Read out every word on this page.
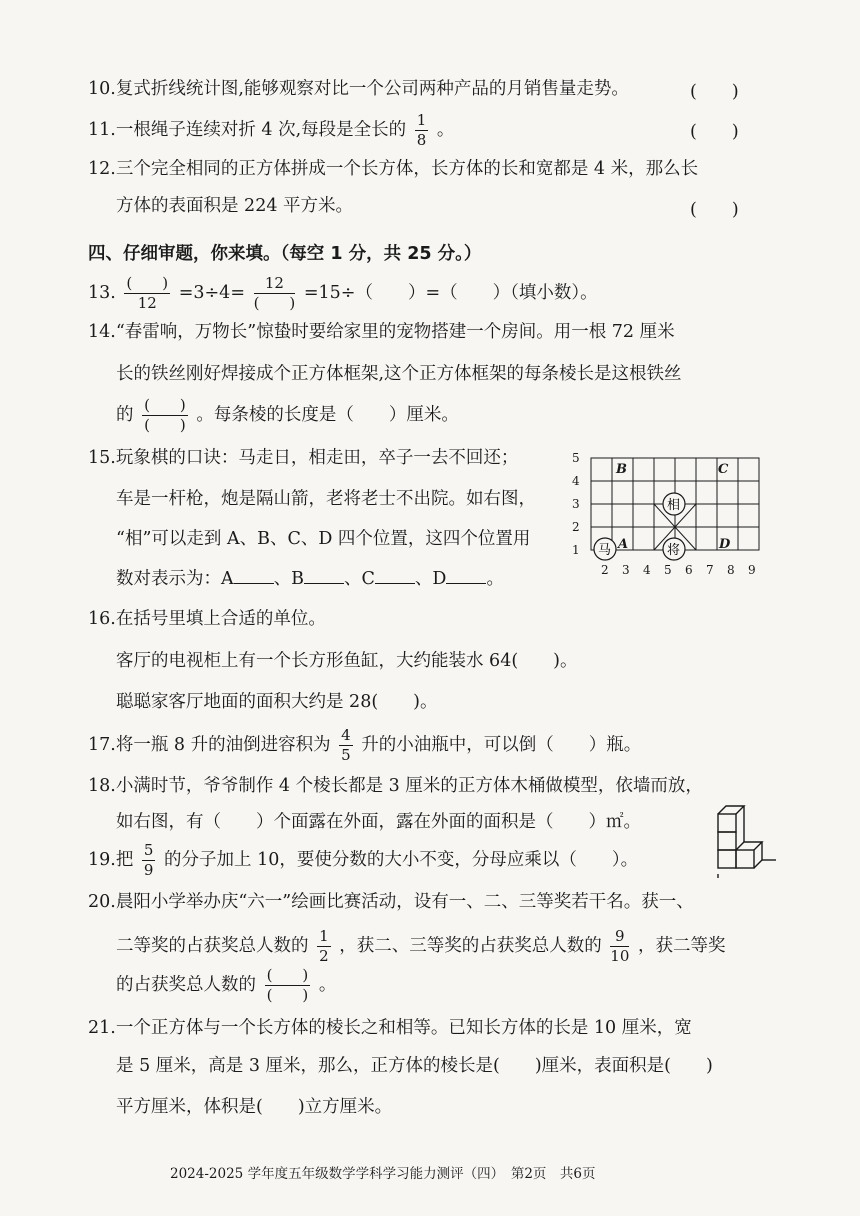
10.复式折线统计图,能够观察对比一个公司两种产品的月销售量走势。	(　　)
11.一根绳子连续对折 4 次,每段是全长的 $\frac{1}{8}$ 。	(　　)
12.三个完全相同的正方体拼成一个长方体，长方体的长和宽都是 4 米，那么长
方体的表面积是 224 平方米。	(　　)
四、仔细审题，你来填。（每空 1 分，共 25 分。）
13. $\frac{( )}{12} =3\div 4= \frac{12}{( )} =15\div$（　　）=（　　）（填小数）。
14.“春雷响，万物长”惊蛰时要给家里的宠物搭建一个房间。用一根 72 厘米
长的铁丝刚好焊接成个正方体框架,这个正方体框架的每条棱长是这根铁丝
的 $\frac{( )}{( )}$ 。每条棱的长度是（　　）厘米。
15.玩象棋的口诀：马走日，相走田，卒子一去不回还；
车是一杆枪，炮是隔山箭，老将老士不出院。如右图，
“相”可以走到 A、B、C、D 四个位置，这四个位置用
数对表示为：A 、B 、C 、D 。
5
4
3
2
1
2 3 4 5 6 7 8 9
B	C
A	D
相
将
马
16.在括号里填上合适的单位。
客厅的电视柜上有一个长方形鱼缸，大约能装水 64(　　)。
聪聪家客厅地面的面积大约是 28(　　)。
17.将一瓶 8 升的油倒进容积为 $\frac{4}{5}$ 升的小油瓶中，可以倒（　　）瓶。
18.小满时节，爷爷制作 4 个棱长都是 3 厘米的正方体木桶做模型，依墙而放，
如右图，有（　　）个面露在外面，露在外面的面积是（　　）㎡。
19.把 $\frac{5}{9}$ 的分子加上 10，要使分数的大小不变，分母应乘以（　　）。
20.晨阳小学举办庆“六一”绘画比赛活动，设有一、二、三等奖若干名。获一、
二等奖的占获奖总人数的 $\frac{1}{2}$ ，获二、三等奖的占获奖总人数的 $\frac{9}{10}$ ，获二等奖
的占获奖总人数的 $\frac{( )}{( )}$ 。
21.一个正方体与一个长方体的棱长之和相等。已知长方体的长是 10 厘米，宽
是 5 厘米，高是 3 厘米，那么，正方体的棱长是(　　)厘米，表面积是(　　)
平方厘米，体积是(　　)立方厘米。
2024-2025 学年度五年级数学学科学习能力测评（四）　第2页　共6页
